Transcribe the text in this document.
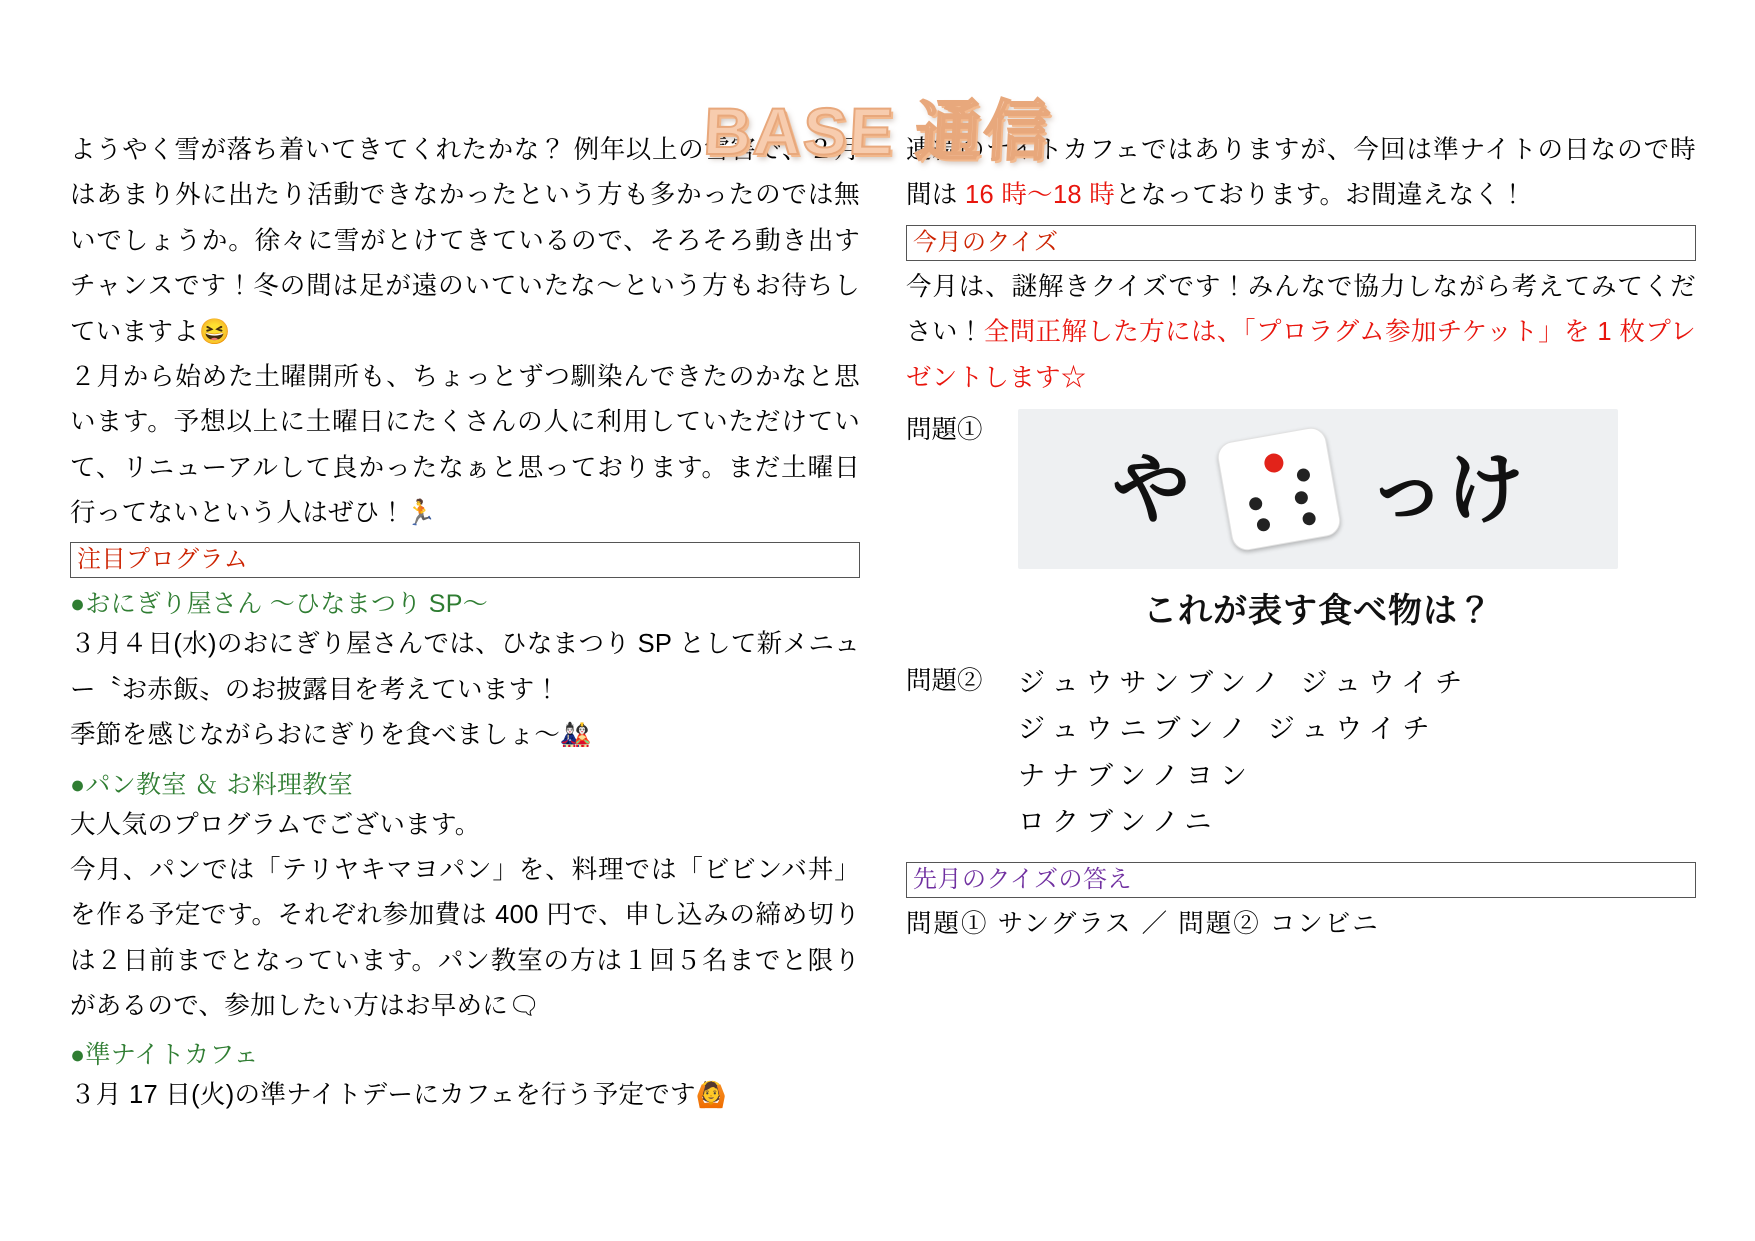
BASE 通信

ようやく雪が落ち着いてきてくれたかな？ 例年以上の雪害で、２月はあまり外に出たり活動できなかったという方も多かったのでは無いでしょうか。徐々に雪がとけてきているので、そろそろ動き出すチャンスです！冬の間は足が遠のいていたな～という方もお待ちしていますよ😆

２月から始めた土曜開所も、ちょっとずつ馴染んできたのかなと思います。予想以上に土曜日にたくさんの人に利用していただけていて、リニューアルして良かったなぁと思っております。まだ土曜日行ってないという人はぜひ！🏃

注目プログラム
●おにぎり屋さん ～ひなまつり SP～

３月４日(水)のおにぎり屋さんでは、ひなまつり SP として新メニュー〝お赤飯〟のお披露目を考えています！

季節を感じながらおにぎりを食べましょ～🎎

●パン教室 ＆ お料理教室

大人気のプログラムでございます。

今月、パンでは「テリヤキマヨパン」を、料理では「ビビンバ丼」を作る予定です。それぞれ参加費は 400 円で、申し込みの締め切りは２日前までとなっています。パン教室の方は１回５名までと限りがあるので、参加したい方はお早めに🗨

●準ナイトカフェ

３月 17 日(火)の準ナイトデーにカフェを行う予定です🙆

連続のナイトカフェではありますが、今回は準ナイトの日なので時間は 16 時～18 時となっております。お間違えなく！

今月のクイズ

今月は、謎解きクイズです！みんなで協力しながら考えてみてください！全問正解した方には、「プロラグム参加チケット」を 1 枚プレゼントします☆

問題①
や っけ

これが表す食べ物は？

問題②	ジュウサンブンノ ジュウイチ
ジュウニブンノ ジュウイチ
ナナブンノヨン
ロクブンノニ
先月のクイズの答え
問題① サングラス ／ 問題② コンビニ
